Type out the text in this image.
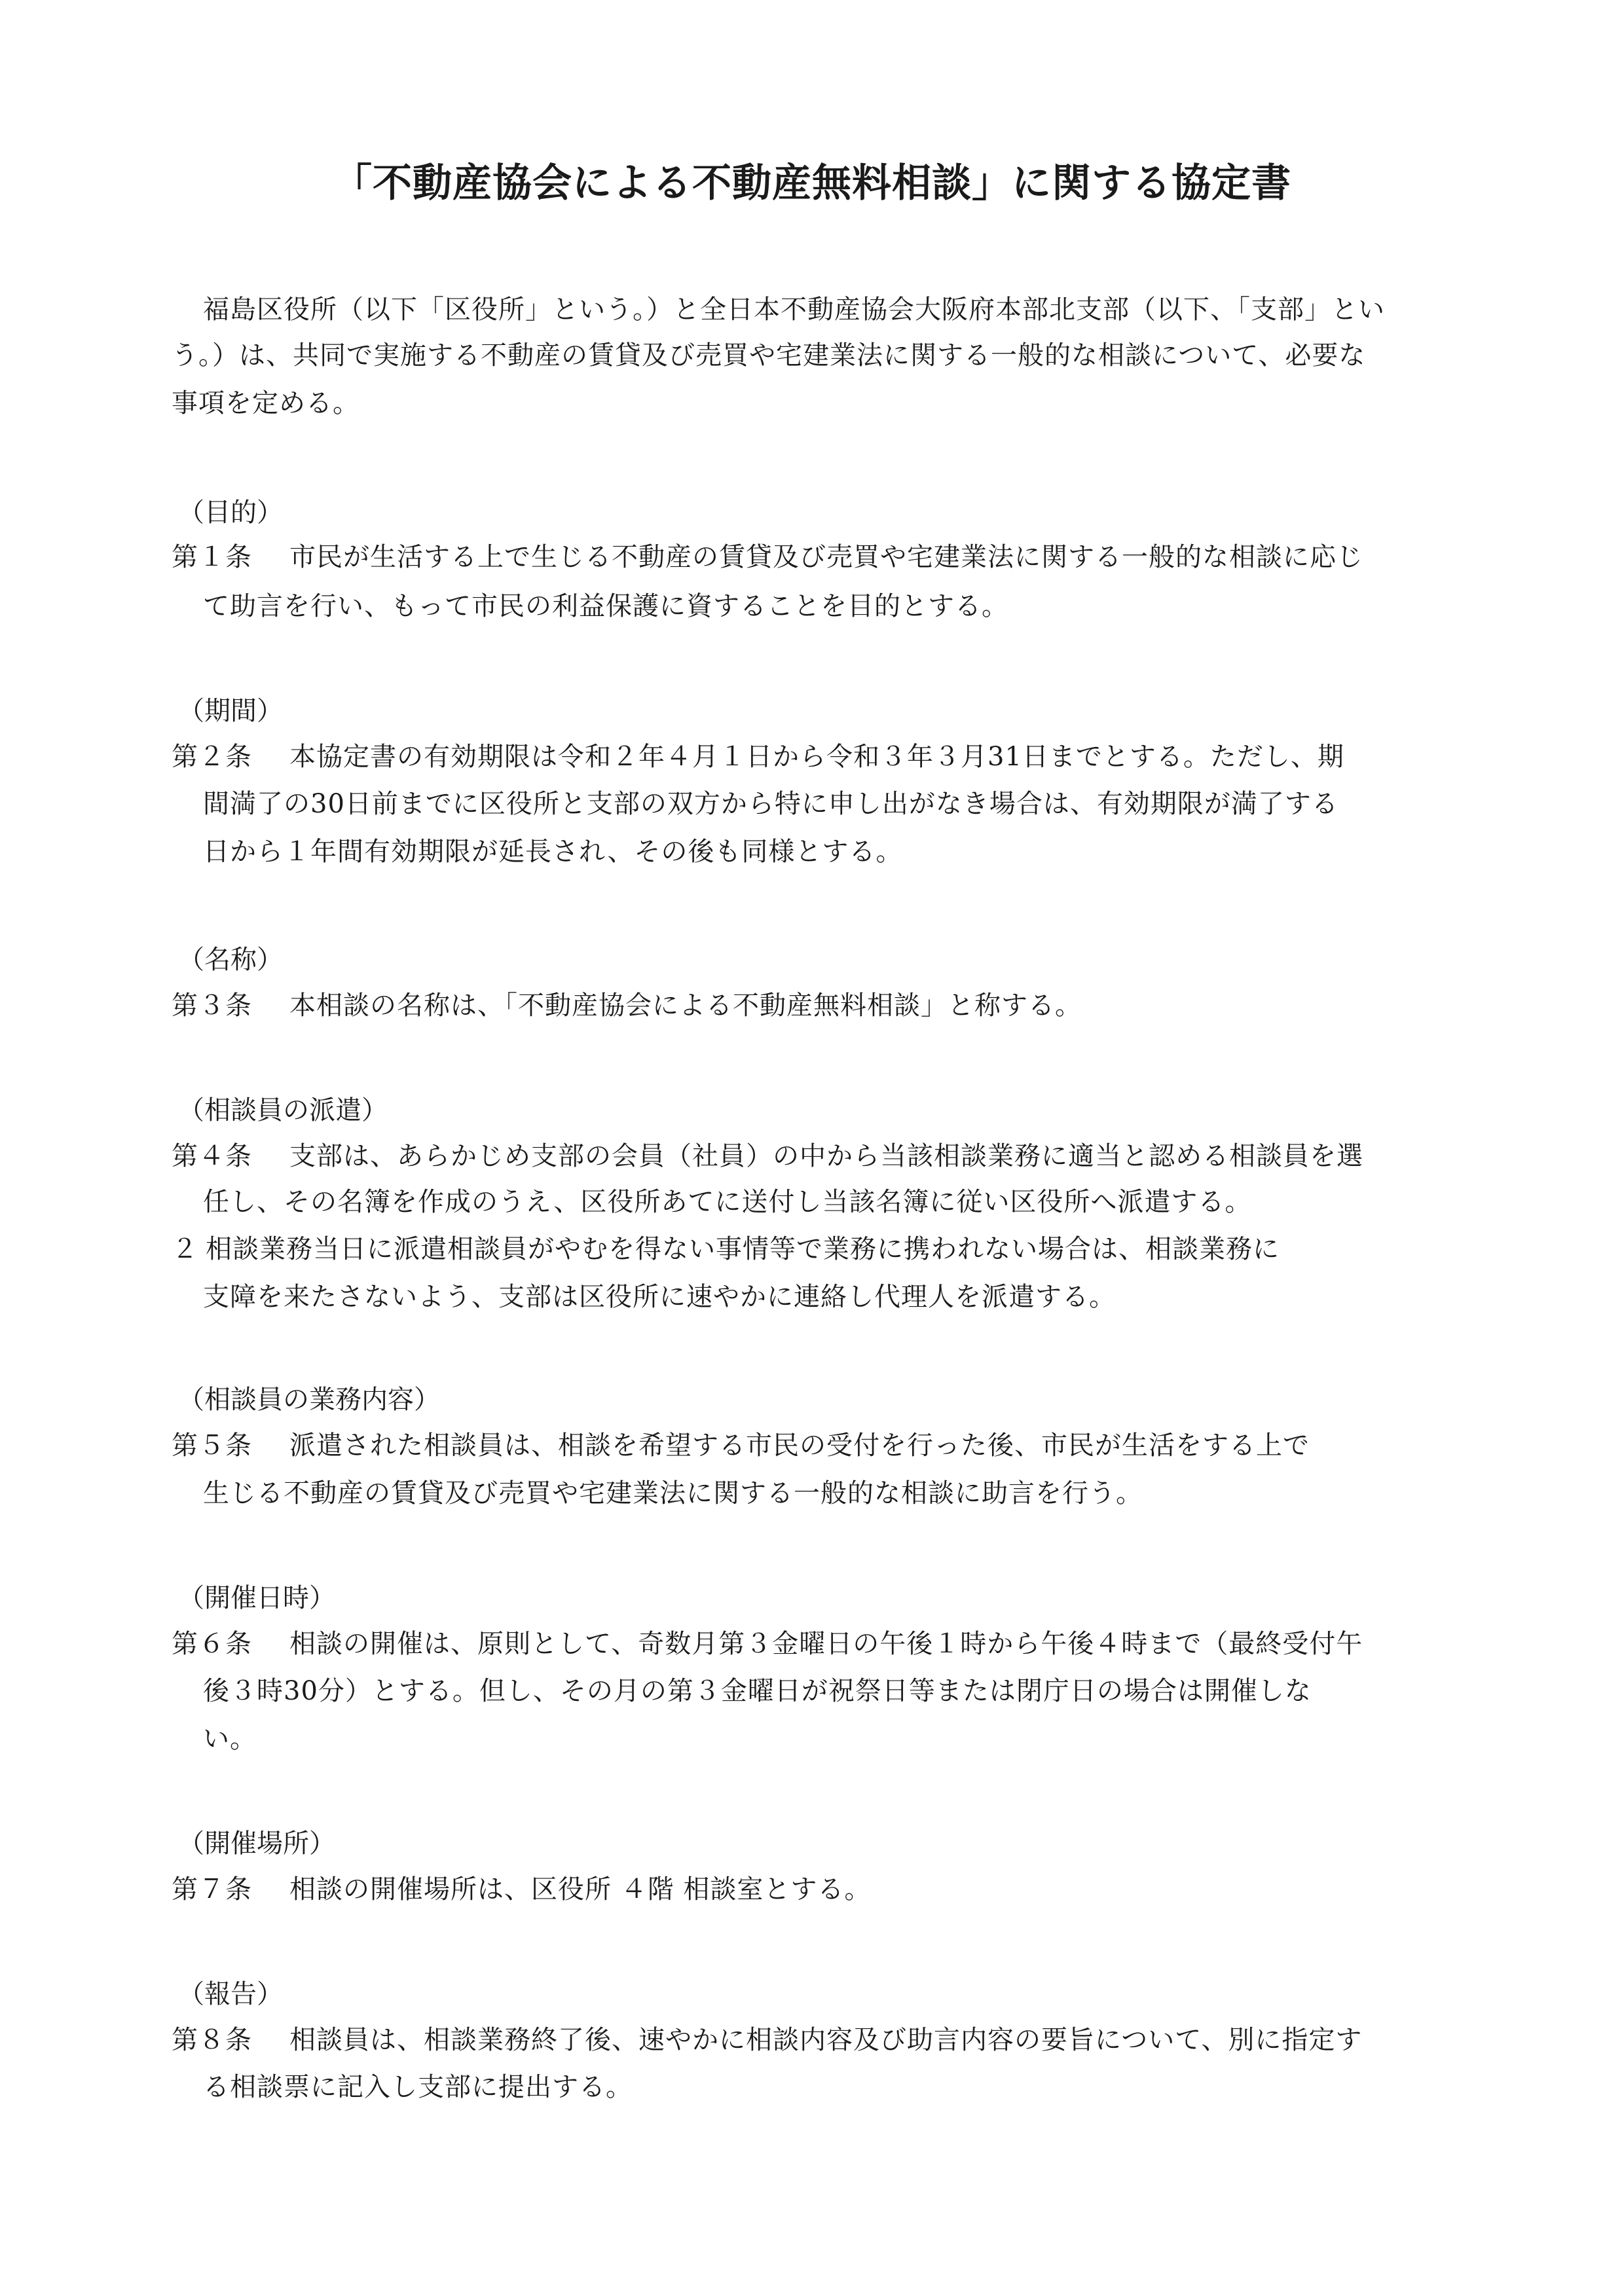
「不動産協会による不動産無料相談」に関する協定書
福島区役所（以下「区役所」という。）と全日本不動産協会大阪府本部北支部（以下、「支部」とい
う。）は、共同で実施する不動産の賃貸及び売買や宅建業法に関する一般的な相談について、必要な
事項を定める。
（目的）
第１条 市民が生活する上で生じる不動産の賃貸及び売買や宅建業法に関する一般的な相談に応じ
て助言を行い、もって市民の利益保護に資することを目的とする。
（期間）
第２条 本協定書の有効期限は令和２年４月１日から令和３年３月31日までとする。ただし、期
間満了の30日前までに区役所と支部の双方から特に申し出がなき場合は、有効期限が満了する
日から１年間有効期限が延長され、その後も同様とする。
（名称）
第３条 本相談の名称は、「不動産協会による不動産無料相談」と称する。
（相談員の派遣）
第４条 支部は、あらかじめ支部の会員（社員）の中から当該相談業務に適当と認める相談員を選
任し、その名簿を作成のうえ、区役所あてに送付し当該名簿に従い区役所へ派遣する。
２ 相談業務当日に派遣相談員がやむを得ない事情等で業務に携われない場合は、相談業務に
支障を来たさないよう、支部は区役所に速やかに連絡し代理人を派遣する。
（相談員の業務内容）
第５条 派遣された相談員は、相談を希望する市民の受付を行った後、市民が生活をする上で
生じる不動産の賃貸及び売買や宅建業法に関する一般的な相談に助言を行う。
（開催日時）
第６条 相談の開催は、原則として、奇数月第３金曜日の午後１時から午後４時まで（最終受付午
後３時30分）とする。但し、その月の第３金曜日が祝祭日等または閉庁日の場合は開催しな
い。
（開催場所）
第７条 相談の開催場所は、区役所 ４階 相談室とする。
（報告）
第８条 相談員は、相談業務終了後、速やかに相談内容及び助言内容の要旨について、別に指定す
る相談票に記入し支部に提出する。
